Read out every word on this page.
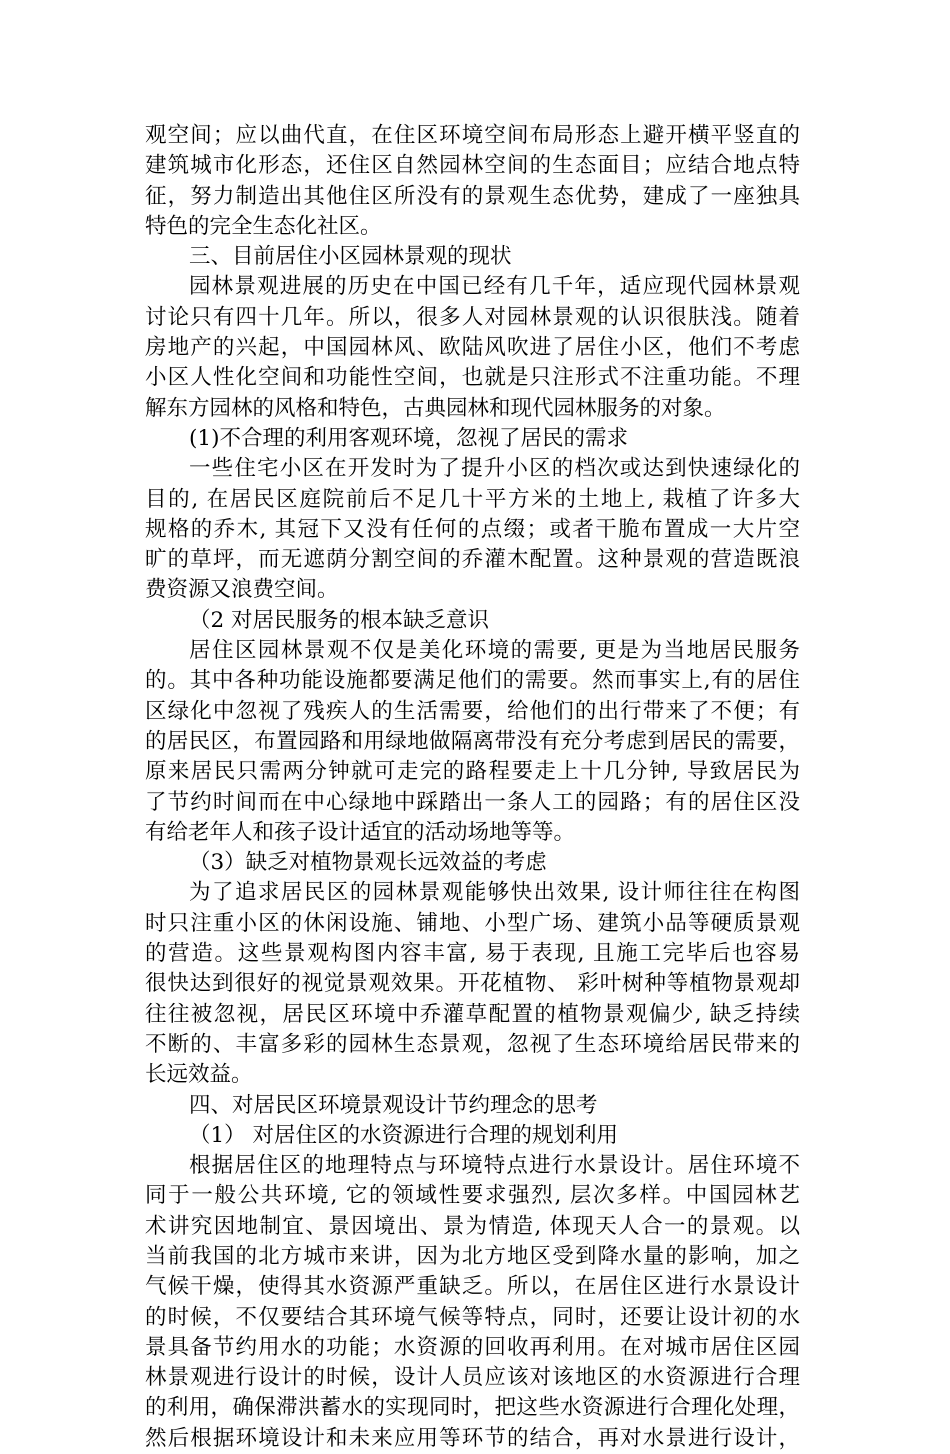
观空间；应以曲代直，在住区环境空间布局形态上避开横平竖直的
建筑城市化形态，还住区自然园林空间的生态面目；应结合地点特
征，努力制造出其他住区所没有的景观生态优势，建成了一座独具
特色的完全生态化社区。
三、目前居住小区园林景观的现状
园林景观进展的历史在中国已经有几千年，适应现代园林景观
讨论只有四十几年。所以，很多人对园林景观的认识很肤浅。随着
房地产的兴起，中国园林风、欧陆风吹进了居住小区，他们不考虑
小区人性化空间和功能性空间，也就是只注形式不注重功能。不理
解东方园林的风格和特色，古典园林和现代园林服务的对象。
(1)不合理的利用客观环境，忽视了居民的需求
一些住宅小区在开发时为了提升小区的档次或达到快速绿化的
目的, 在居民区庭院前后不足几十平方米的土地上, 栽植了许多大
规格的乔木, 其冠下又没有任何的点缀；或者干脆布置成一大片空
旷的草坪，而无遮荫分割空间的乔灌木配置。这种景观的营造既浪
费资源又浪费空间。
（2 对居民服务的根本缺乏意识
居住区园林景观不仅是美化环境的需要, 更是为当地居民服务
的。其中各种功能设施都要满足他们的需要。然而事实上,有的居住
区绿化中忽视了残疾人的生活需要，给他们的出行带来了不便；有
的居民区，布置园路和用绿地做隔离带没有充分考虑到居民的需要，
原来居民只需两分钟就可走完的路程要走上十几分钟, 导致居民为
了节约时间而在中心绿地中踩踏出一条人工的园路；有的居住区没
有给老年人和孩子设计适宜的活动场地等等。
（3）缺乏对植物景观长远效益的考虑
为了追求居民区的园林景观能够快出效果, 设计师往往在构图
时只注重小区的休闲设施、铺地、小型广场、建筑小品等硬质景观
的营造。这些景观构图内容丰富, 易于表现, 且施工完毕后也容易
很快达到很好的视觉景观效果。开花植物、 彩叶树种等植物景观却
往往被忽视，居民区环境中乔灌草配置的植物景观偏少, 缺乏持续
不断的、丰富多彩的园林生态景观，忽视了生态环境给居民带来的
长远效益。
四、对居民区环境景观设计节约理念的思考
（1） 对居住区的水资源进行合理的规划利用
根据居住区的地理特点与环境特点进行水景设计。居住环境不
同于一般公共环境, 它的领域性要求强烈, 层次多样。中国园林艺
术讲究因地制宜、景因境出、景为情造, 体现天人合一的景观。以
当前我国的北方城市来讲，因为北方地区受到降水量的影响，加之
气候干燥，使得其水资源严重缺乏。所以，在居住区进行水景设计
的时候，不仅要结合其环境气候等特点，同时，还要让设计初的水
景具备节约用水的功能；水资源的回收再利用。在对城市居住区园
林景观进行设计的时候，设计人员应该对该地区的水资源进行合理
的利用，确保滞洪蓄水的实现同时，把这些水资源进行合理化处理，
然后根据环境设计和未来应用等环节的结合，再对水景进行设计，
